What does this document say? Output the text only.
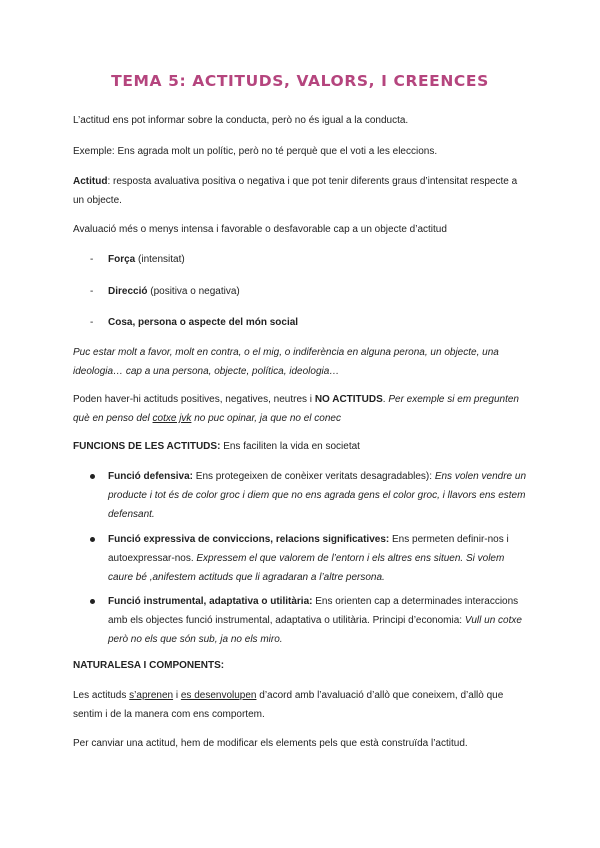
TEMA 5: ACTITUDS, VALORS, I CREENCES

L’actitud ens pot informar sobre la conducta, però no és igual a la conducta.

Exemple: Ens agrada molt un polític, però no té perquè que el voti a les eleccions.

Actitud: resposta avaluativa positiva o negativa i que pot tenir diferents graus d’intensitat respecte a un objecte.

Avaluació més o menys intensa i favorable o desfavorable cap a un objecte d’actitud

- Força (intensitat)
- Direcció (positiva o negativa)
- Cosa, persona o aspecte del món social

Puc estar molt a favor, molt en contra, o el mig, o indiferència en alguna perona, un objecte, una ideologia… cap a una persona, objecte, política, ideologia…

Poden haver-hi actituds positives, negatives, neutres i NO ACTITUDS. Per exemple si em pregunten què en penso del cotxe jvk no puc opinar, ja que no el conec

FUNCIONS DE LES ACTITUDS: Ens faciliten la vida en societat

Funció defensiva: Ens protegeixen de conèixer veritats desagradables): Ens volen vendre un producte i tot és de color groc i diem que no ens agrada gens el color groc, i llavors ens estem defensant.
Funció expressiva de conviccions, relacions significatives: Ens permeten definir-nos i autoexpressar-nos. Expressem el que valorem de l’entorn i els altres ens situen. Si volem caure bé ,anifestem actituds que li agradaran a l’altre persona.
Funció instrumental, adaptativa o utilitària: Ens orienten cap a determinades interaccions amb els objectes funció instrumental, adaptativa o utilitària. Principi d’economia: Vull un cotxe però no els que són sub, ja no els miro.

NATURALESA I COMPONENTS:

Les actituds s’aprenen i es desenvolupen d’acord amb l’avaluació d’allò que coneixem, d’allò que sentim i de la manera com ens comportem.

Per canviar una actitud, hem de modificar els elements pels que està construïda l’actitud.
